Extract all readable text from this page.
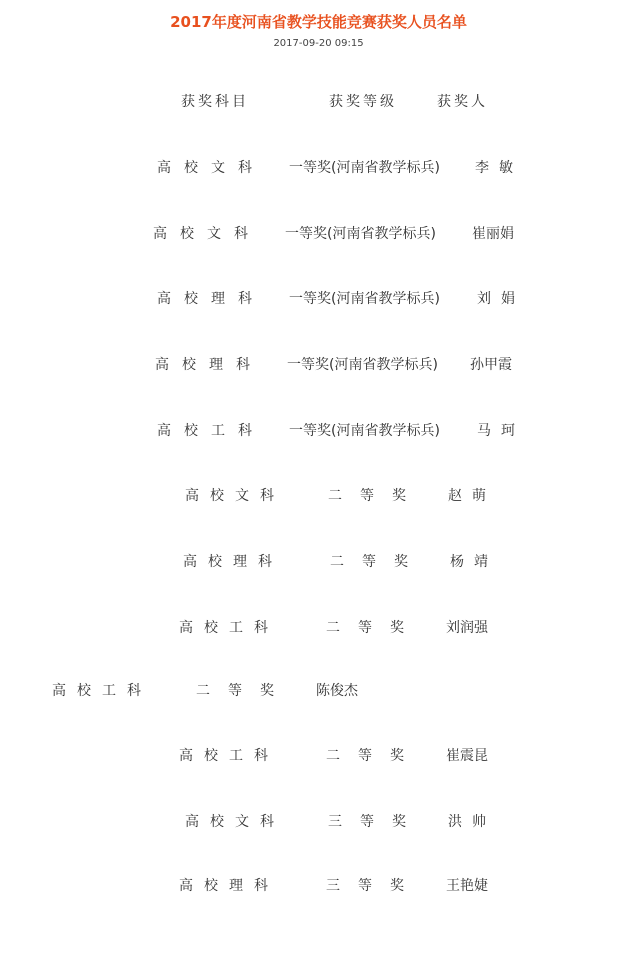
2017年度河南省教学技能竞赛获奖人员名单
2017-09-20 09:15
获奖科目	获奖等级	获奖人
高校文科 一等奖(河南省教学标兵)	李敏
高校文科 一等奖(河南省教学标兵)	崔丽娟
高校理科 一等奖(河南省教学标兵)	刘娟
高校理科 一等奖(河南省教学标兵) 孙甲霞
高校工科 一等奖(河南省教学标兵)	马珂
高校文科	二等奖 赵萌
高校理科	二等奖 杨靖
高校工科	二等奖 刘润强
高校工科	二等奖 陈俊杰
高校工科	二等奖 崔震昆
高校文科	三等奖 洪帅
高校理科	三等奖 王艳婕
